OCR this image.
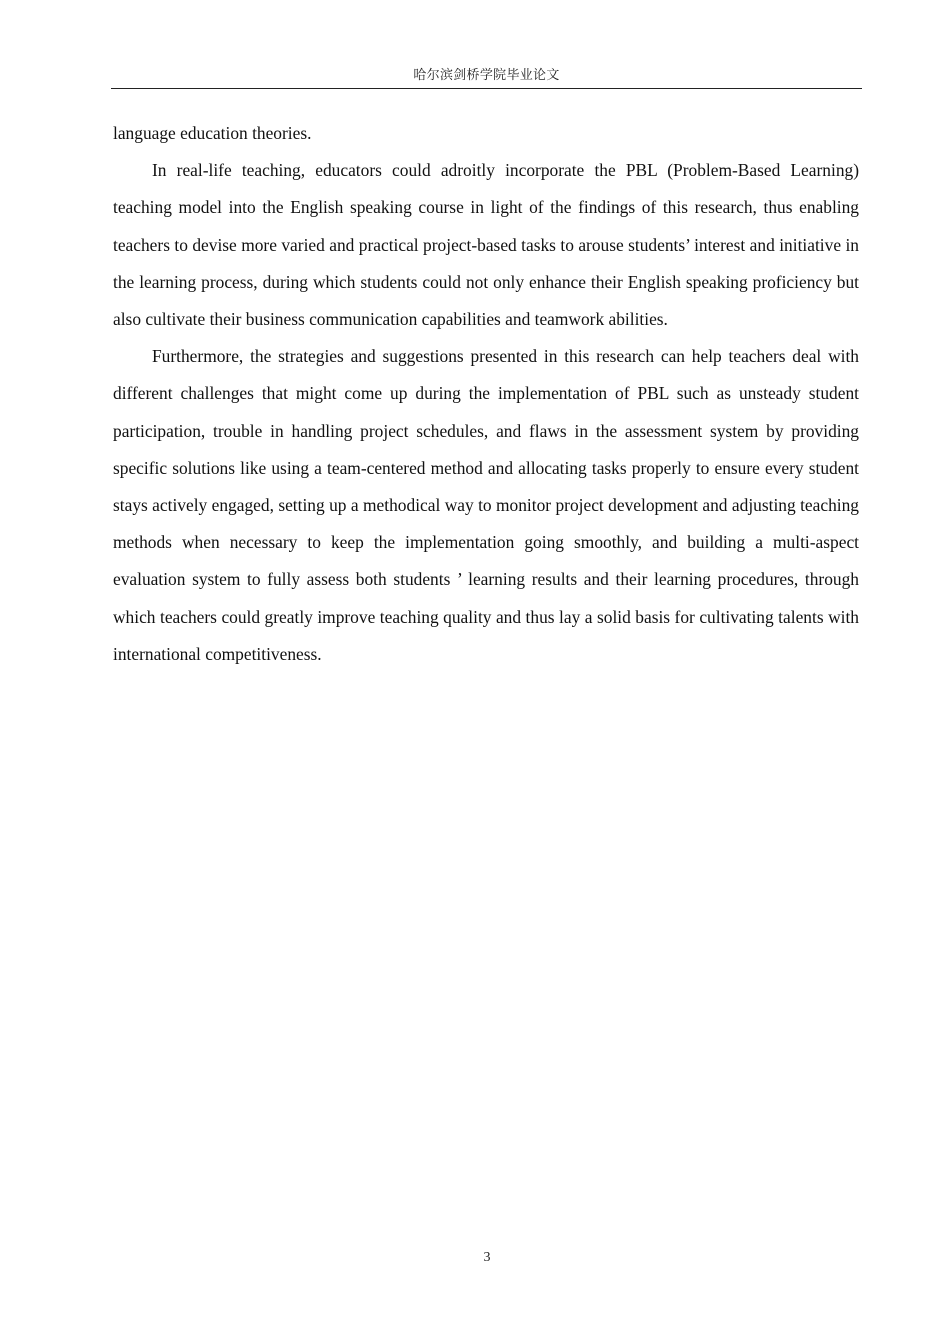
哈尔滨剑桥学院毕业论文

language education theories.

In real-life teaching, educators could adroitly incorporate the PBL (Problem-Based Learning) teaching model into the English speaking course in light of the findings of this research, thus enabling teachers to devise more varied and practical project-based tasks to arouse students’ interest and initiative in the learning process, during which students could not only enhance their English speaking proficiency but also cultivate their business communication capabilities and teamwork abilities.

Furthermore, the strategies and suggestions presented in this research can help teachers deal with different challenges that might come up during the implementation of PBL such as unsteady student participation, trouble in handling project schedules, and flaws in the assessment system by providing specific solutions like using a team-centered method and allocating tasks properly to ensure every student stays actively engaged, setting up a methodical way to monitor project development and adjusting teaching methods when necessary to keep the implementation going smoothly, and building a multi-aspect evaluation system to fully assess both students ’ learning results and their learning procedures, through which teachers could greatly improve teaching quality and thus lay a solid basis for cultivating talents with international competitiveness.

3
